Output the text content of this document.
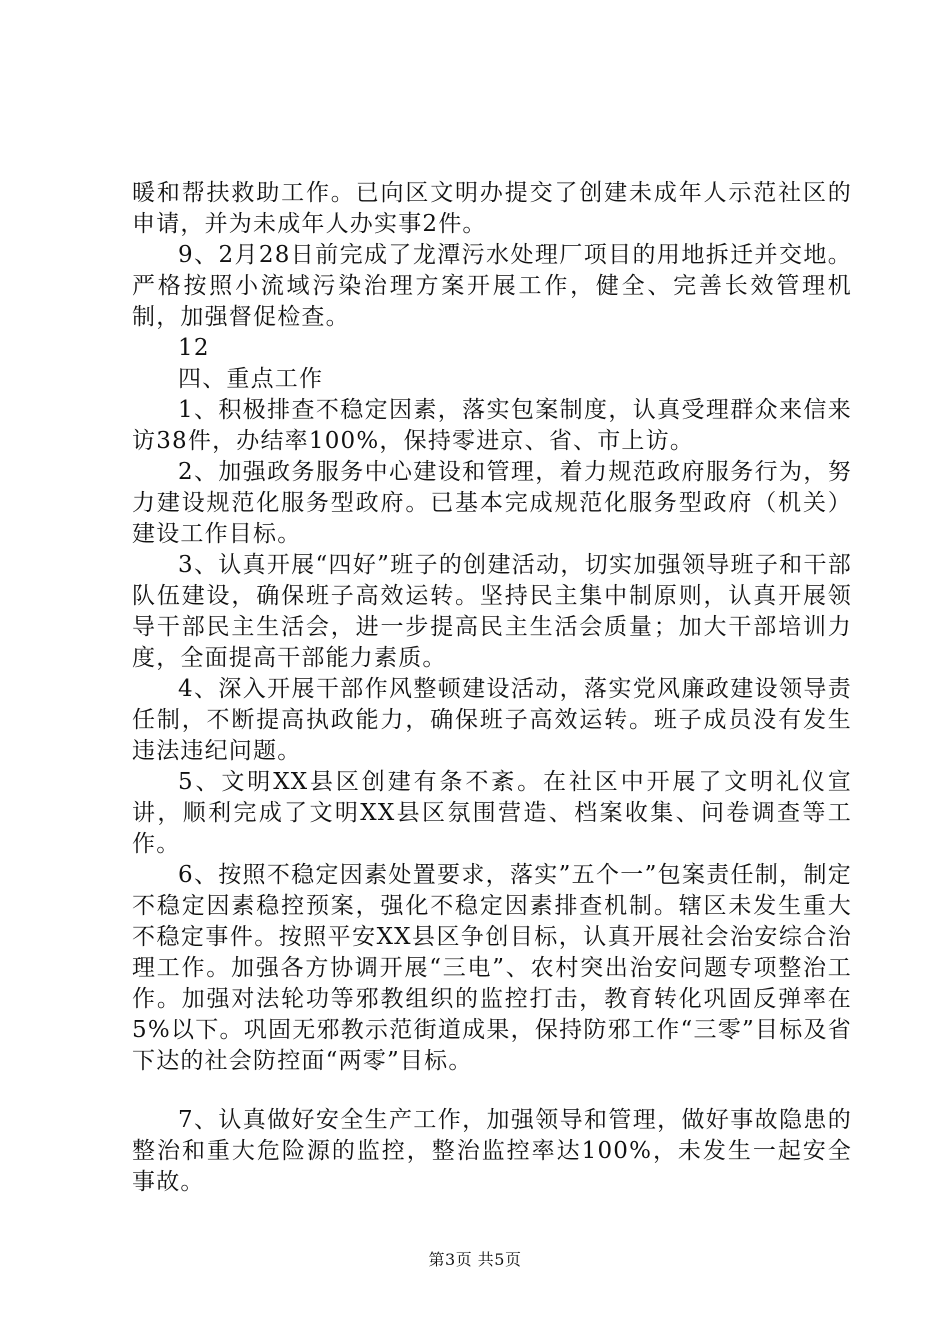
暖和帮扶救助工作。已向区文明办提交了创建未成年人示范社区的申请，并为未成年人办实事2件。

9、2月28日前完成了龙潭污水处理厂项目的用地拆迁并交地。严格按照小流域污染治理方案开展工作，健全、完善长效管理机制，加强督促检查。

12

四、重点工作

1、积极排查不稳定因素，落实包案制度，认真受理群众来信来访38件，办结率100%，保持零进京、省、市上访。

2、加强政务服务中心建设和管理，着力规范政府服务行为，努力建设规范化服务型政府。已基本完成规范化服务型政府（机关）建设工作目标。

3、认真开展“四好”班子的创建活动，切实加强领导班子和干部队伍建设，确保班子高效运转。坚持民主集中制原则，认真开展领导干部民主生活会，进一步提高民主生活会质量；加大干部培训力度，全面提高干部能力素质。

4、深入开展干部作风整顿建设活动，落实党风廉政建设领导责任制，不断提高执政能力，确保班子高效运转。班子成员没有发生违法违纪问题。

5、文明XX县区创建有条不紊。在社区中开展了文明礼仪宣讲，顺利完成了文明XX县区氛围营造、档案收集、问卷调查等工作。

6、按照不稳定因素处置要求，落实”五个一”包案责任制，制定不稳定因素稳控预案，强化不稳定因素排查机制。辖区未发生重大不稳定事件。按照平安XX县区争创目标，认真开展社会治安综合治理工作。加强各方协调开展“三电”、农村突出治安问题专项整治工作。加强对法轮功等邪教组织的监控打击，教育转化巩固反弹率在5%以下。巩固无邪教示范街道成果，保持防邪工作“三零”目标及省下达的社会防控面“两零”目标。

7、认真做好安全生产工作，加强领导和管理，做好事故隐患的整治和重大危险源的监控，整治监控率达100%，未发生一起安全事故。

第3页 共5页
